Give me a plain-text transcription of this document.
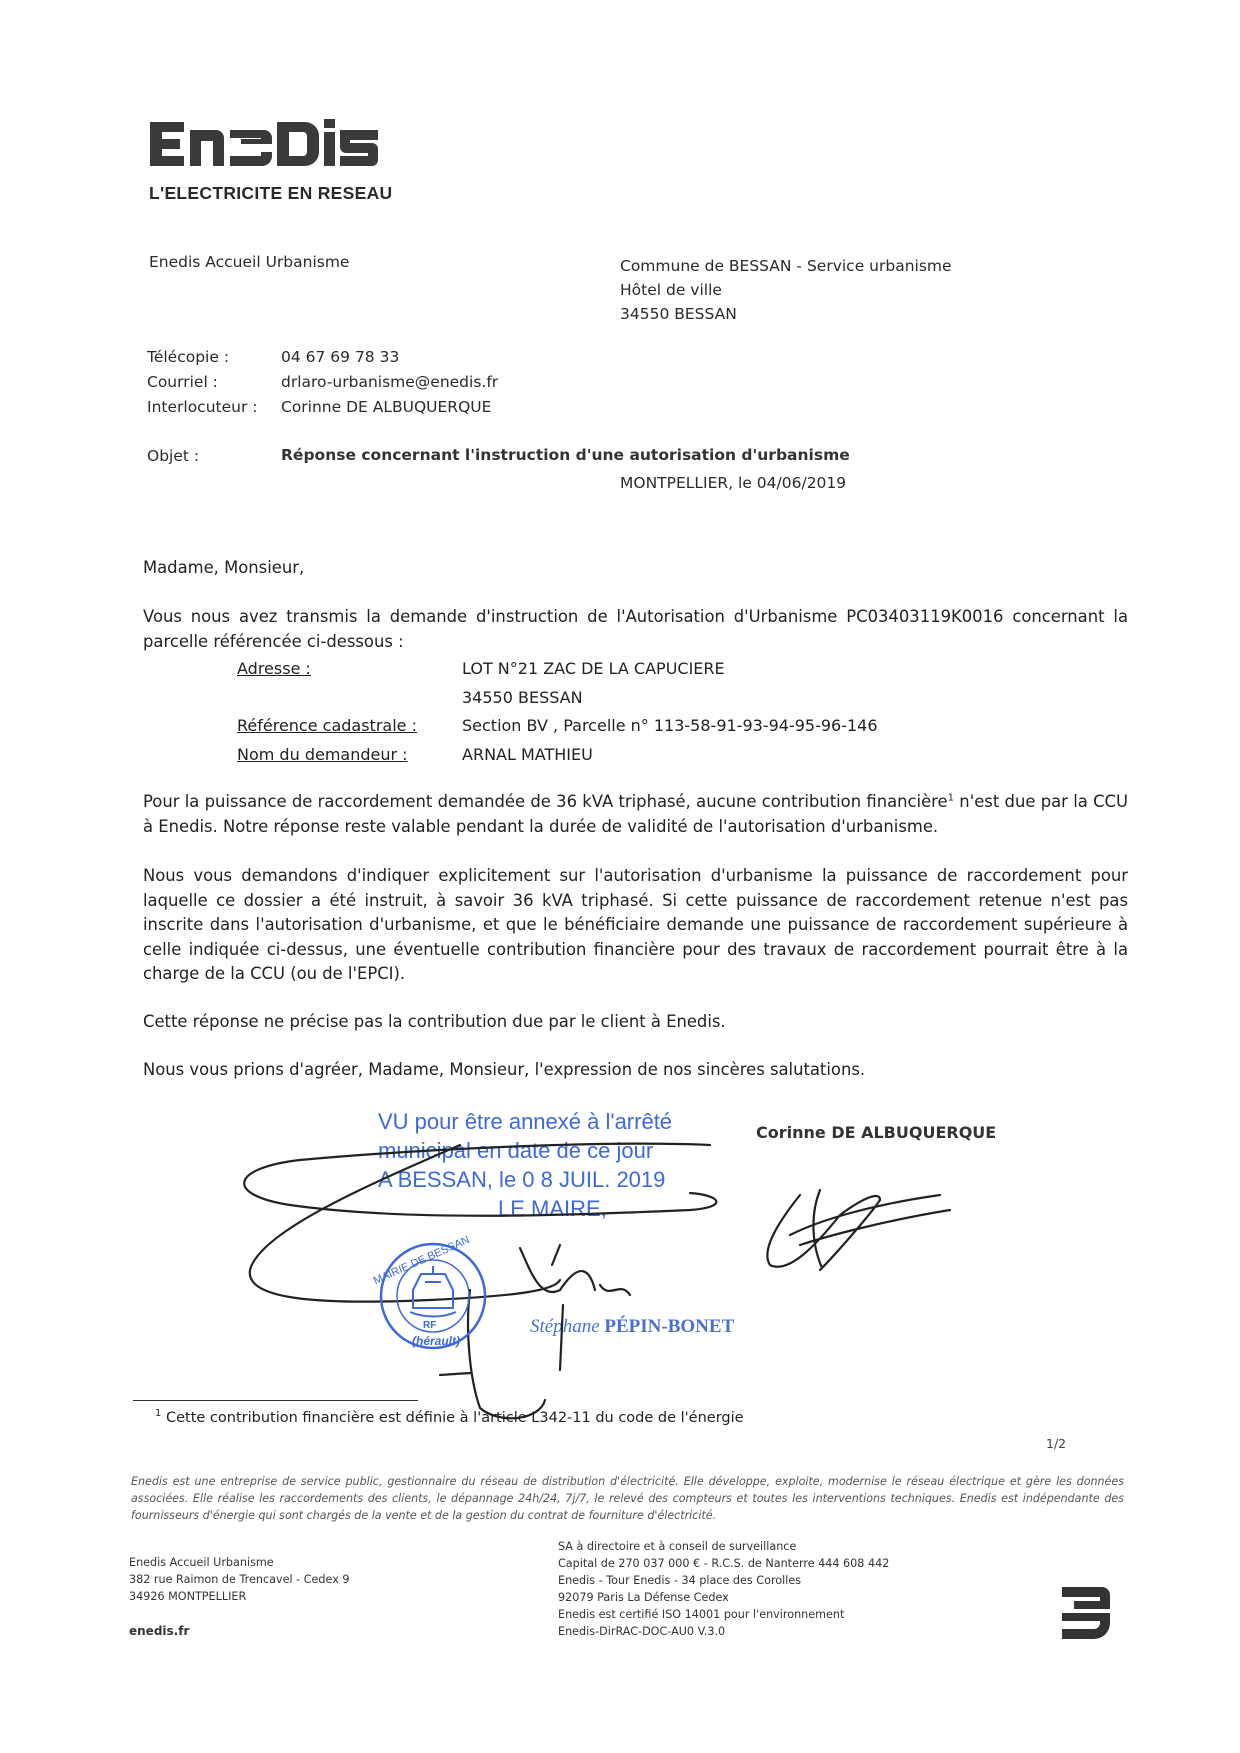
L'ELECTRICITE EN RESEAU
Enedis Accueil Urbanisme	Commune de BESSAN - Service urbanisme
Hôtel de ville
34550 BESSAN
Télécopie :	04 67 69 78 33
Courriel :	drlaro-urbanisme@enedis.fr
Interlocuteur : Corinne DE ALBUQUERQUE
Objet :	Réponse concernant l'instruction d'une autorisation d'urbanisme
MONTPELLIER, le 04/06/2019
Madame, Monsieur,
Vous nous avez transmis la demande d'instruction de l'Autorisation d'Urbanisme PC03403119K0016 concernant la parcelle référencée ci-dessous :
Adresse :	LOT N°21 ZAC DE LA CAPUCIERE
34550 BESSAN
Référence cadastrale :	Section BV , Parcelle n° 113-58-91-93-94-95-96-146
Nom du demandeur :	ARNAL MATHIEU
Pour la puissance de raccordement demandée de 36 kVA triphasé, aucune contribution financière$^1$ n'est due par la CCU à Enedis. Notre réponse reste valable pendant la durée de validité de l'autorisation d'urbanisme.
Nous vous demandons d'indiquer explicitement sur l'autorisation d'urbanisme la puissance de raccordement pour laquelle ce dossier a été instruit, à savoir 36 kVA triphasé. Si cette puissance de raccordement retenue n'est pas inscrite dans l'autorisation d'urbanisme, et que le bénéficiaire demande une puissance de raccordement supérieure à celle indiquée ci-dessus, une éventuelle contribution financière pour des travaux de raccordement pourrait être à la charge de la CCU (ou de l'EPCI).
Cette réponse ne précise pas la contribution due par le client à Enedis.
Nous vous prions d'agréer, Madame, Monsieur, l'expression de nos sincères salutations.
Corinne DE ALBUQUERQUE
VU pour être annexé à l'arrêté
municipal en date de ce jour
A BESSAN, le 0 8 JUIL. 2019
LE MAIRE,
Stéphane PÉPIN-BONET
MAIRIE DE BESSAN
(hérault)
RF
$^1$ Cette contribution financière est définie à l'article L342-11 du code de l'énergie
1/2
Enedis est une entreprise de service public, gestionnaire du réseau de distribution d'électricité. Elle développe, exploite, modernise le réseau électrique et gère les données associées. Elle réalise les raccordements des clients, le dépannage 24h/24, 7j/7, le relevé des compteurs et toutes les interventions techniques. Enedis est indépendante des fournisseurs d'énergie qui sont chargés de la vente et de la gestion du contrat de fourniture d'électricité.
Enedis Accueil Urbanisme
382 rue Raimon de Trencavel - Cedex 9
34926 MONTPELLIER
enedis.fr
SA à directoire et à conseil de surveillance
Capital de 270 037 000 € - R.C.S. de Nanterre 444 608 442
Enedis - Tour Enedis - 34 place des Corolles
92079 Paris La Défense Cedex
Enedis est certifié ISO 14001 pour l'environnement
Enedis-DirRAC-DOC-AU0 V.3.0
